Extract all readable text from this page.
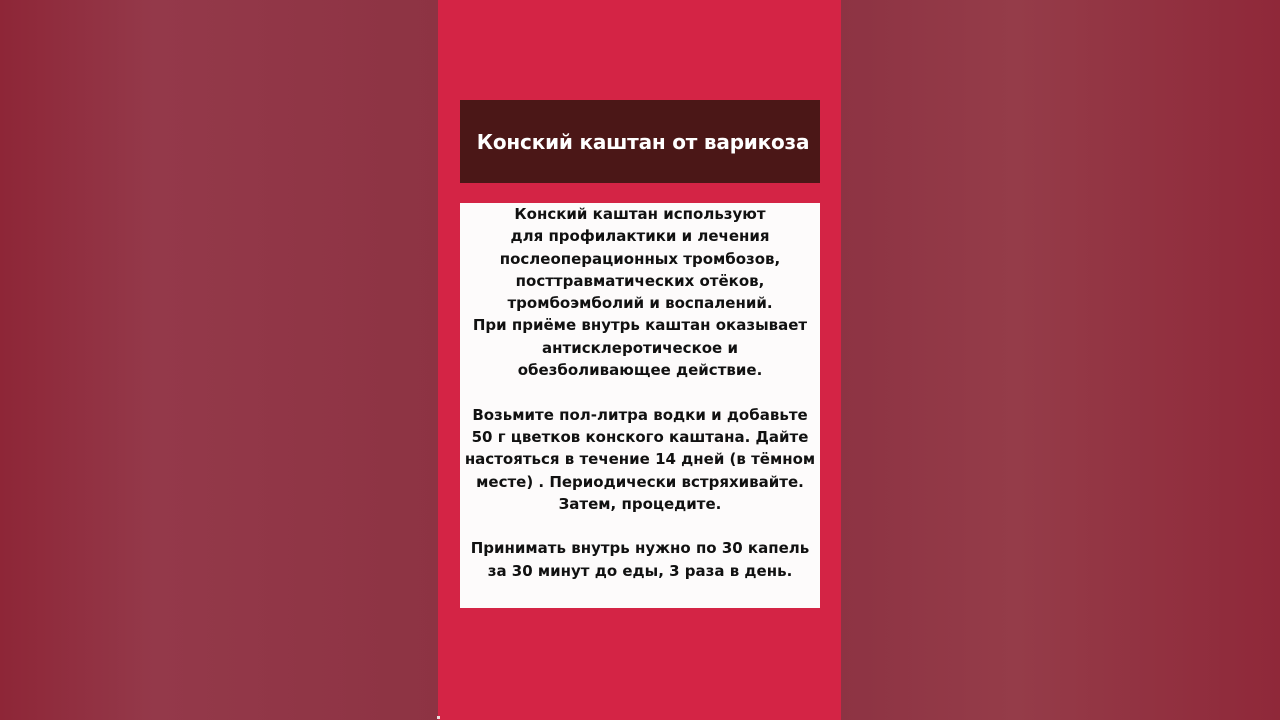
Конский каштан от варикоза

Конский каштан используют
для профилактики и лечения
послеоперационных тромбозов,
посттравматических отёков,
тромбоэмболий и воспалений.
При приёме внутрь каштан оказывает
антисклеротическое и
обезболивающее действие.

Возьмите пол-литра водки и добавьте
50 г цветков конского каштана. Дайте
настояться в течение 14 дней (в тёмном
месте) . Периодически встряхивайте.
Затем, процедите.

Принимать внутрь нужно по 30 капель
за 30 минут до еды, 3 раза в день.
